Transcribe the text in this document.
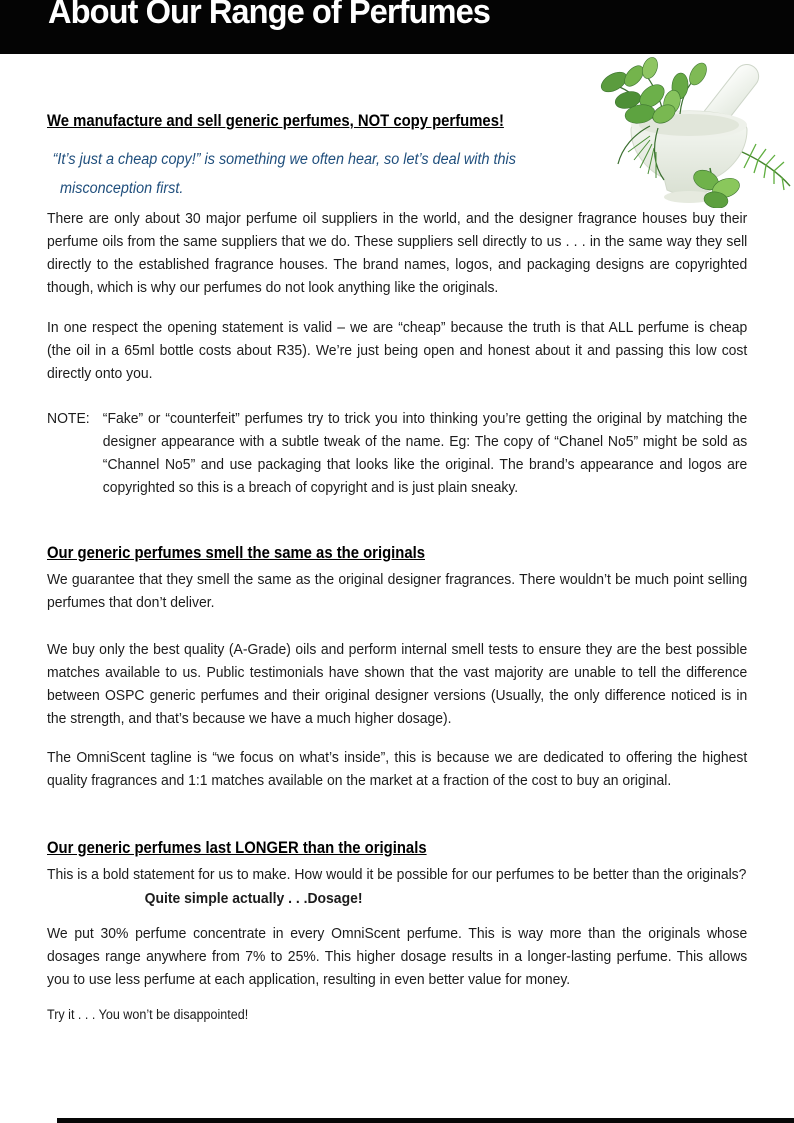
About Our Range of Perfumes
We manufacture and sell generic perfumes, NOT copy perfumes!

“It’s just a cheap copy!” is something we often hear, so let’s deal with this misconception first.

There are only about 30 major perfume oil suppliers in the world, and the designer fragrance houses buy their perfume oils from the same suppliers that we do. These suppliers sell directly to us . . . in the same way they sell directly to the established fragrance houses. The brand names, logos, and packaging designs are copyrighted though, which is why our perfumes do not look anything like the originals.

In one respect the opening statement is valid – we are “cheap” because the truth is that ALL perfume is cheap (the oil in a 65ml bottle costs about R35). We’re just being open and honest about it and passing this low cost directly onto you.

NOTE: “Fake” or “counterfeit” perfumes try to trick you into thinking you’re getting the original by matching the designer appearance with a subtle tweak of the name. Eg: The copy of “Chanel No5” might be sold as “Channel No5” and use packaging that looks like the original. The brand’s appearance and logos are copyrighted so this is a breach of copyright and is just plain sneaky.
Our generic perfumes smell the same as the originals

We guarantee that they smell the same as the original designer fragrances. There wouldn’t be much point selling perfumes that don’t deliver.

We buy only the best quality (A-Grade) oils and perform internal smell tests to ensure they are the best possible matches available to us. Public testimonials have shown that the vast majority are unable to tell the difference between OSPC generic perfumes and their original designer versions (Usually, the only difference noticed is in the strength, and that’s because we have a much higher dosage).

The OmniScent tagline is “we focus on what’s inside”, this is because we are dedicated to offering the highest quality fragrances and 1:1 matches available on the market at a fraction of the cost to buy an original.

Our generic perfumes last LONGER than the originals

This is a bold statement for us to make. How would it be possible for our perfumes to be better than the originals?

Quite simple actually . . .Dosage!

We put 30% perfume concentrate in every OmniScent perfume. This is way more than the originals whose dosages range anywhere from 7% to 25%. This higher dosage results in a longer-lasting perfume. This allows you to use less perfume at each application, resulting in even better value for money.

Try it . . . You won’t be disappointed!
